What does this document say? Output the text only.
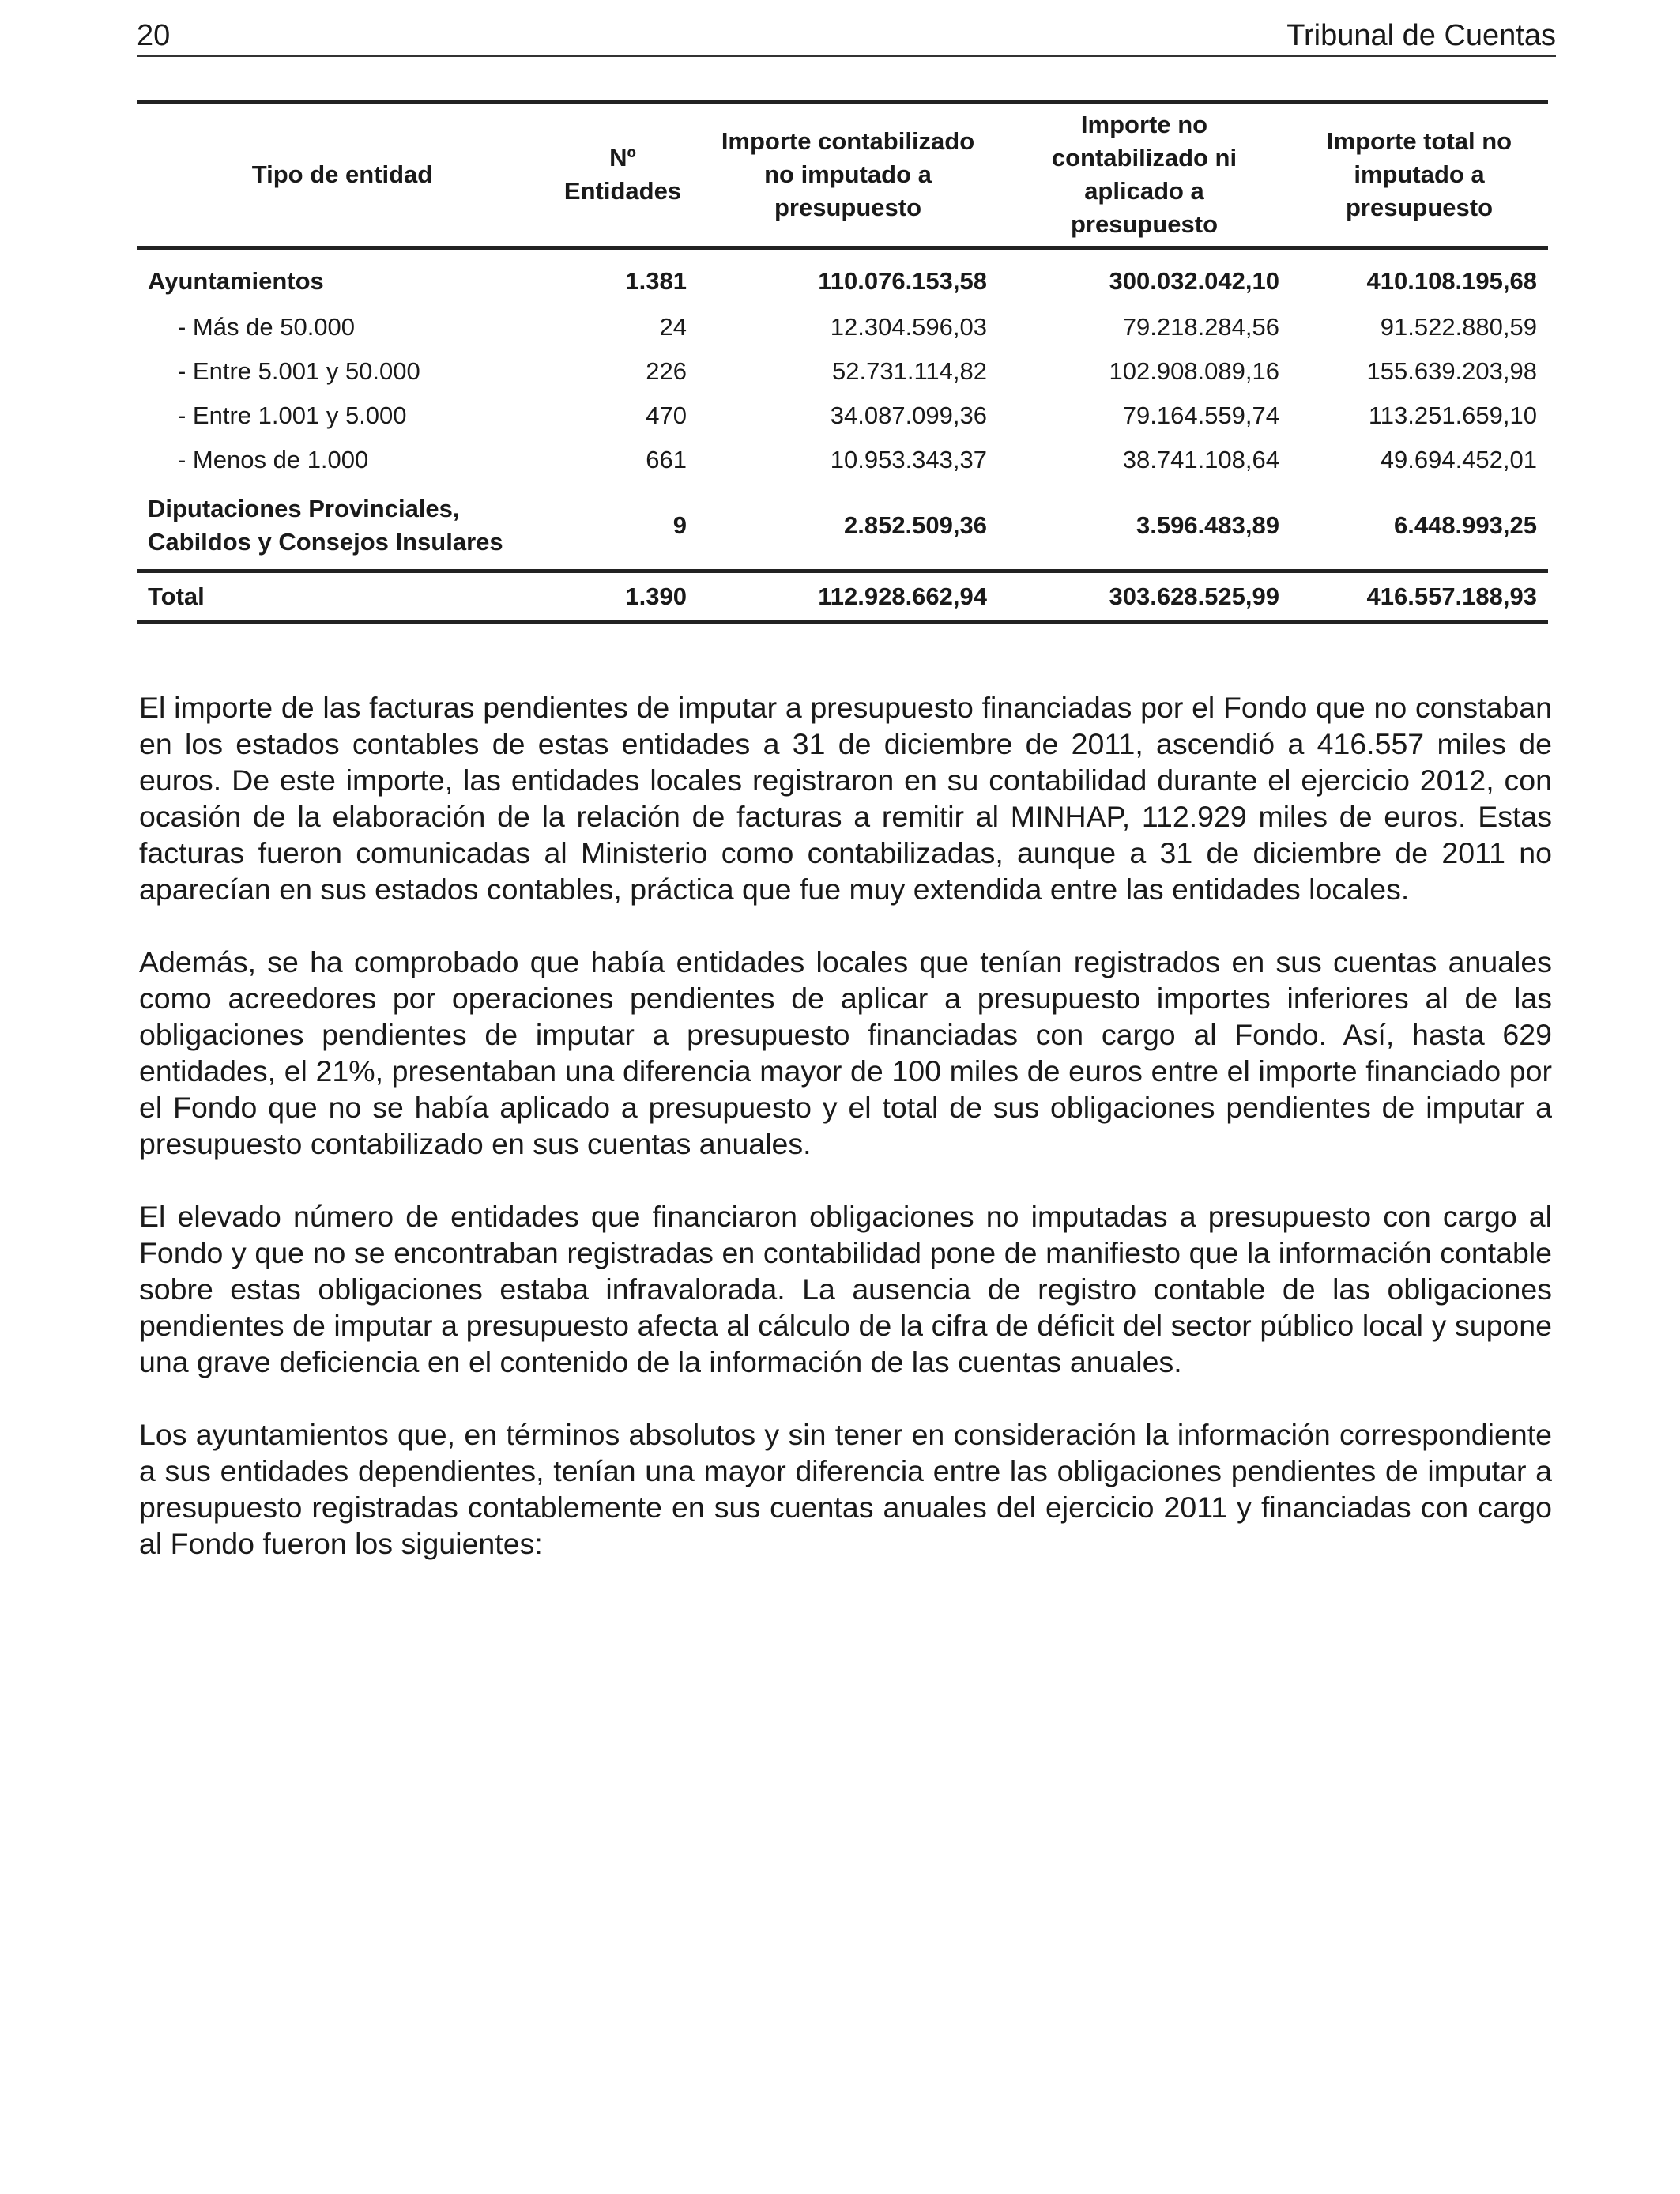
20	Tribunal de Cuentas
Tipo de entidad	Nº Entidades	Importe contabilizado no imputado a presupuesto	Importe no contabilizado ni aplicado a presupuesto	Importe total no imputado a presupuesto
Ayuntamientos	1.381	110.076.153,58	300.032.042,10	410.108.195,68
- Más de 50.000	24	12.304.596,03	79.218.284,56	91.522.880,59
- Entre 5.001 y 50.000	226	52.731.114,82	102.908.089,16	155.639.203,98
- Entre 1.001 y 5.000	470	34.087.099,36	79.164.559,74	113.251.659,10
- Menos de 1.000	661	10.953.343,37	38.741.108,64	49.694.452,01

Diputaciones Provinciales,
Cabildos y Consejos Insulares	9	2.852.509,36	3.596.483,89	6.448.993,25
Total	1.390	112.928.662,94	303.628.525,99	416.557.188,93

El importe de las facturas pendientes de imputar a presupuesto financiadas por el Fondo que no constaban en los estados contables de estas entidades a 31 de diciembre de 2011, ascendió a 416.557 miles de euros. De este importe, las entidades locales registraron en su contabilidad durante el ejercicio 2012, con ocasión de la elaboración de la relación de facturas a remitir al MINHAP, 112.929 miles de euros. Estas facturas fueron comunicadas al Ministerio como contabilizadas, aunque a 31 de diciembre de 2011 no aparecían en sus estados contables, práctica que fue muy extendida entre las entidades locales.

Además, se ha comprobado que había entidades locales que tenían registrados en sus cuentas anuales como acreedores por operaciones pendientes de aplicar a presupuesto importes inferiores al de las obligaciones pendientes de imputar a presupuesto financiadas con cargo al Fondo. Así, hasta 629 entidades, el 21%, presentaban una diferencia mayor de 100 miles de euros entre el importe financiado por el Fondo que no se había aplicado a presupuesto y el total de sus obligaciones pendientes de imputar a presupuesto contabilizado en sus cuentas anuales.

El elevado número de entidades que financiaron obligaciones no imputadas a presupuesto con cargo al Fondo y que no se encontraban registradas en contabilidad pone de manifiesto que la información contable sobre estas obligaciones estaba infravalorada. La ausencia de registro contable de las obligaciones pendientes de imputar a presupuesto afecta al cálculo de la cifra de déficit del sector público local y supone una grave deficiencia en el contenido de la información de las cuentas anuales.

Los ayuntamientos que, en términos absolutos y sin tener en consideración la información correspondiente a sus entidades dependientes, tenían una mayor diferencia entre las obligaciones pendientes de imputar a presupuesto registradas contablemente en sus cuentas anuales del ejercicio 2011 y financiadas con cargo al Fondo fueron los siguientes:
